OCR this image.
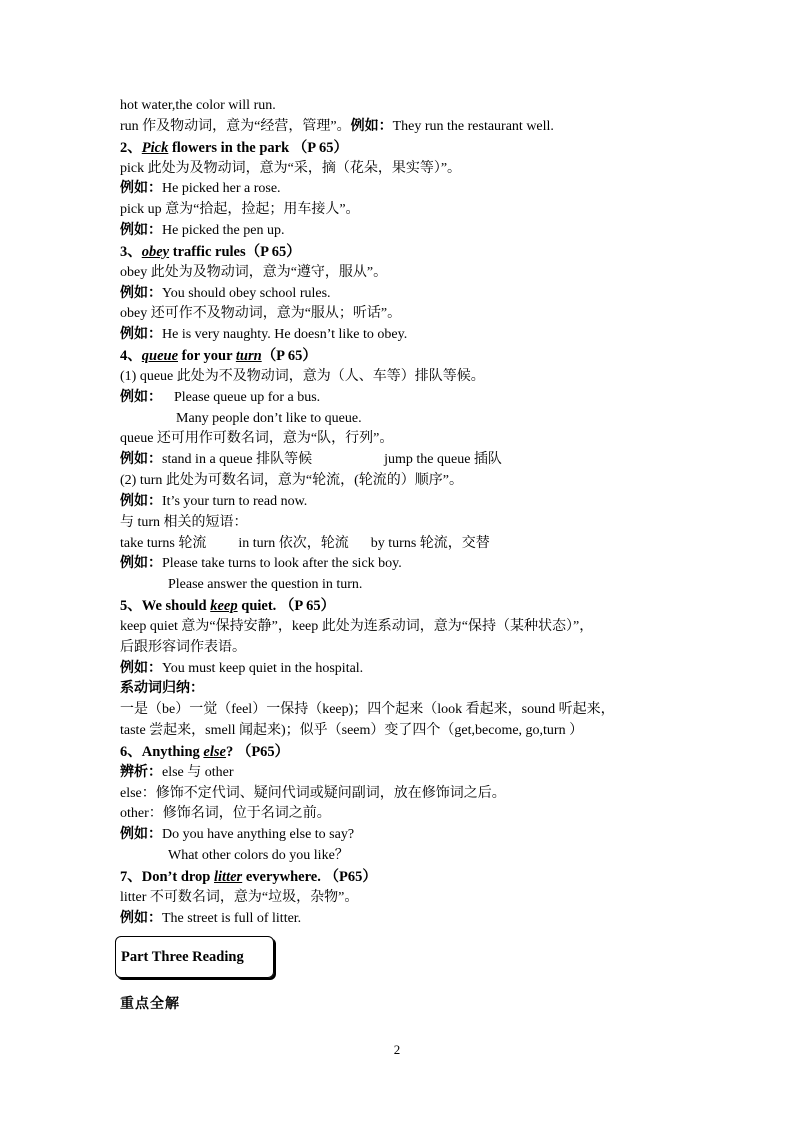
hot water,the color will run.
run 作及物动词，意为“经营，管理”。例如：They run the restaurant well.
2、Pick flowers in the park （P 65）
pick 此处为及物动词，意为“采，摘（花朵，果实等）”。
例如：He picked her a rose.
pick up 意为“拾起，捡起；用车接人”。
例如：He picked the pen up.
3、obey traffic rules（P 65）
obey 此处为及物动词，意为“遵守，服从”。
例如：You should obey school rules.
obey 还可作不及物动词，意为“服从；听话”。
例如：He is very naughty. He doesn’t like to obey.
4、queue for your turn（P 65）
(1) queue 此处为不及物动词，意为（人、车等）排队等候。
例如： Please queue up for a bus.
Many people don’t like to queue.
queue 还可用作可数名词，意为“队，行列”。
例如：stand in a queue 排队等候	jump the queue 插队
(2) turn 此处为可数名词，意为“轮流，(轮流的）顺序”。
例如：It’s your turn to read now.
与 turn 相关的短语：
take turns 轮流 in turn 依次，轮流 by turns 轮流，交替
例如：Please take turns to look after the sick boy.
Please answer the question in turn.
5、We should keep quiet. （P 65）
keep quiet 意为“保持安静”，keep 此处为连系动词，意为“保持（某种状态）”，
后跟形容词作表语。
例如：You must keep quiet in the hospital.
系动词归纳：
一是（be）一觉（feel）一保持（keep)；四个起来（look 看起来，sound 听起来，
taste 尝起来，smell 闻起来)；似乎（seem）变了四个（get,become, go,turn ）
6、Anything else? （P65）
辨析：else 与 other
else：修饰不定代词、疑问代词或疑问副词，放在修饰词之后。
other：修饰名词，位于名词之前。
例如：Do you have anything else to say?
What other colors do you like？
7、Don’t drop litter everywhere. （P65）
litter 不可数名词，意为“垃圾，杂物”。
例如：The street is full of litter.
Part Three Reading
重点全解
2
